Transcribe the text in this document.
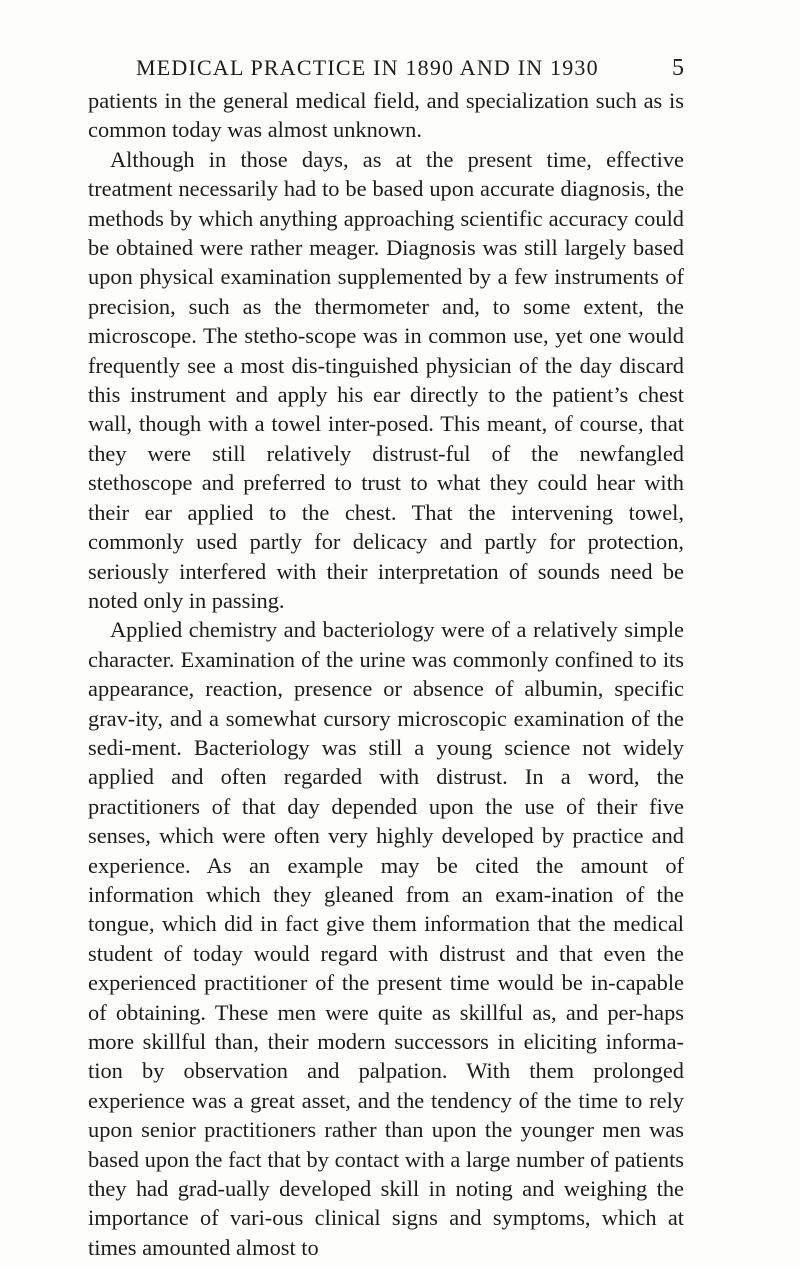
MEDICAL PRACTICE IN 1890 AND IN 1930	5

patients in the general medical field, and specialization such as is common today was almost unknown.

Although in those days, as at the present time, effective treatment necessarily had to be based upon accurate diagnosis, the methods by which anything approaching scientific accuracy could be obtained were rather meager. Diagnosis was still largely based upon physical examination supplemented by a few instruments of precision, such as the thermometer and, to some extent, the microscope. The stetho-scope was in common use, yet one would frequently see a most dis-tinguished physician of the day discard this instrument and apply his ear directly to the patient’s chest wall, though with a towel inter-posed. This meant, of course, that they were still relatively distrust-ful of the newfangled stethoscope and preferred to trust to what they could hear with their ear applied to the chest. That the intervening towel, commonly used partly for delicacy and partly for protection, seriously interfered with their interpretation of sounds need be noted only in passing.

Applied chemistry and bacteriology were of a relatively simple character. Examination of the urine was commonly confined to its appearance, reaction, presence or absence of albumin, specific grav-ity, and a somewhat cursory microscopic examination of the sedi-ment. Bacteriology was still a young science not widely applied and often regarded with distrust. In a word, the practitioners of that day depended upon the use of their five senses, which were often very highly developed by practice and experience. As an example may be cited the amount of information which they gleaned from an exam-ination of the tongue, which did in fact give them information that the medical student of today would regard with distrust and that even the experienced practitioner of the present time would be in-capable of obtaining. These men were quite as skillful as, and per-haps more skillful than, their modern successors in eliciting informa-tion by observation and palpation. With them prolonged experience was a great asset, and the tendency of the time to rely upon senior practitioners rather than upon the younger men was based upon the fact that by contact with a large number of patients they had grad-ually developed skill in noting and weighing the importance of vari-ous clinical signs and symptoms, which at times amounted almost to
